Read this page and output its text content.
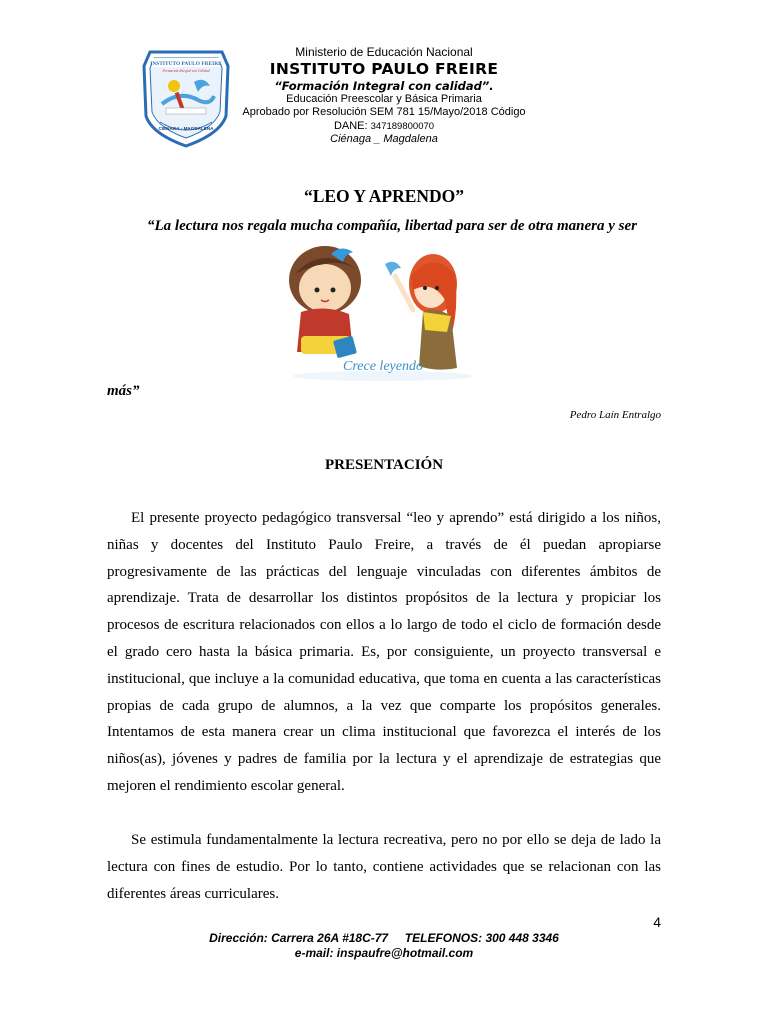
INSTITUTO PAULO FREIRE
Formación Integral con Calidad
CIÉNAGA - MAGDALENA
Ministerio de Educación Nacional
INSTITUTO PAULO FREIRE
“Formación Integral con calidad”.
Educación Preescolar y Básica Primaria
Aprobado por Resolución SEM 781 15/Mayo/2018 Código
DANE: 347189800070
Ciénaga _ Magdalena
“LEO Y APRENDO”
“La lectura nos regala mucha compañía, libertad para ser de otra manera y ser
Crece leyendo
más”
Pedro Laín Entralgo
PRESENTACIÓN
El presente proyecto pedagógico transversal “leo y aprendo” está dirigido a los niños, niñas y docentes del Instituto Paulo Freire, a través de él puedan apropiarse progresivamente de las prácticas del lenguaje vinculadas con diferentes ámbitos de aprendizaje. Trata de desarrollar los distintos propósitos de la lectura y propiciar los procesos de escritura relacionados con ellos a lo largo de todo el ciclo de formación desde el grado cero hasta la básica primaria. Es, por consiguiente, un proyecto transversal e institucional, que incluye a la comunidad educativa, que toma en cuenta a las características propias de cada grupo de alumnos, a la vez que comparte los propósitos generales. Intentamos de esta manera crear un clima institucional que favorezca el interés de los niños(as), jóvenes y padres de familia por la lectura y el aprendizaje de estrategias que mejoren el rendimiento escolar general.
Se estimula fundamentalmente la lectura recreativa, pero no por ello se deja de lado la lectura con fines de estudio. Por lo tanto, contiene actividades que se relacionan con las diferentes áreas curriculares.
4
Dirección: Carrera 26A #18C-77     TELEFONOS: 300 448 3346
e-mail: inspaufre@hotmail.com
